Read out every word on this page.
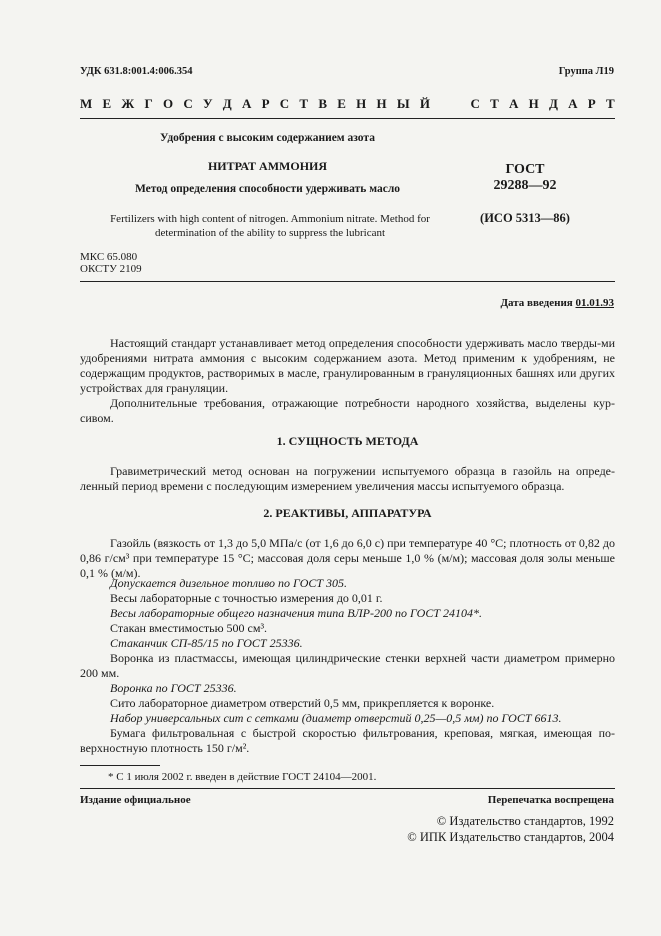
УДК 631.8:001.4:006.354	Группа Л19
М Е Ж Г О С У Д А Р С Т В Е Н Н Ы Й	С Т А Н Д А Р Т
Удобрения с высоким содержанием азота
НИТРАТ АММОНИЯ
Метод определения способности удерживать масло
Fertilizers with high content of nitrogen. Ammonium nitrate. Method for determination of the ability to suppress the lubricant
ГОСТ
29288—92
(ИСО 5313—86)
МКС 65.080
ОКСТУ 2109
Дата введения 01.01.93

Настоящий стандарт устанавливает метод определения способности удерживать масло тверды-ми удобрениями нитрата аммония с высоким содержанием азота. Метод применим к удобрениям, не содержащим продуктов, растворимых в масле, гранулированным в грануляционных башнях или других устройствах для грануляции.

Дополнительные требования, отражающие потребности народного хозяйства, выделены кур-сивом.

1. СУЩНОСТЬ МЕТОДА

Гравиметрический метод основан на погружении испытуемого образца в газойль на опреде-ленный период времени с последующим измерением увеличения массы испытуемого образца.

2. РЕАКТИВЫ, АППАРАТУРА

Газойль (вязкость от 1,3 до 5,0 МПа/с (от 1,6 до 6,0 с) при температуре 40 °С; плотность от 0,82 до 0,86 г/см³ при температуре 15 °С; массовая доля серы меньше 1,0 % (м/м); массовая доля золы меньше 0,1 % (м/м).

Допускается дизельное топливо по ГОСТ 305.

Весы лабораторные с точностью измерения до 0,01 г.

Весы лабораторные общего назначения типа ВЛР-200 по ГОСТ 24104*.

Стакан вместимостью 500 см³.

Стаканчик СП-85/15 по ГОСТ 25336.

Воронка из пластмассы, имеющая цилиндрические стенки верхней части диаметром примерно 200 мм.

Воронка по ГОСТ 25336.

Сито лабораторное диаметром отверстий 0,5 мм, прикрепляется к воронке.

Набор универсальных сит с сетками (диаметр отверстий 0,25—0,5 мм) по ГОСТ 6613.

Бумага фильтровальная с быстрой скоростью фильтрования, креповая, мягкая, имеющая по-верхностную плотность 150 г/м².

* С 1 июля 2002 г. введен в действие ГОСТ 24104—2001.
Издание официальное	Перепечатка воспрещена
© Издательство стандартов, 1992
© ИПК Издательство стандартов, 2004
